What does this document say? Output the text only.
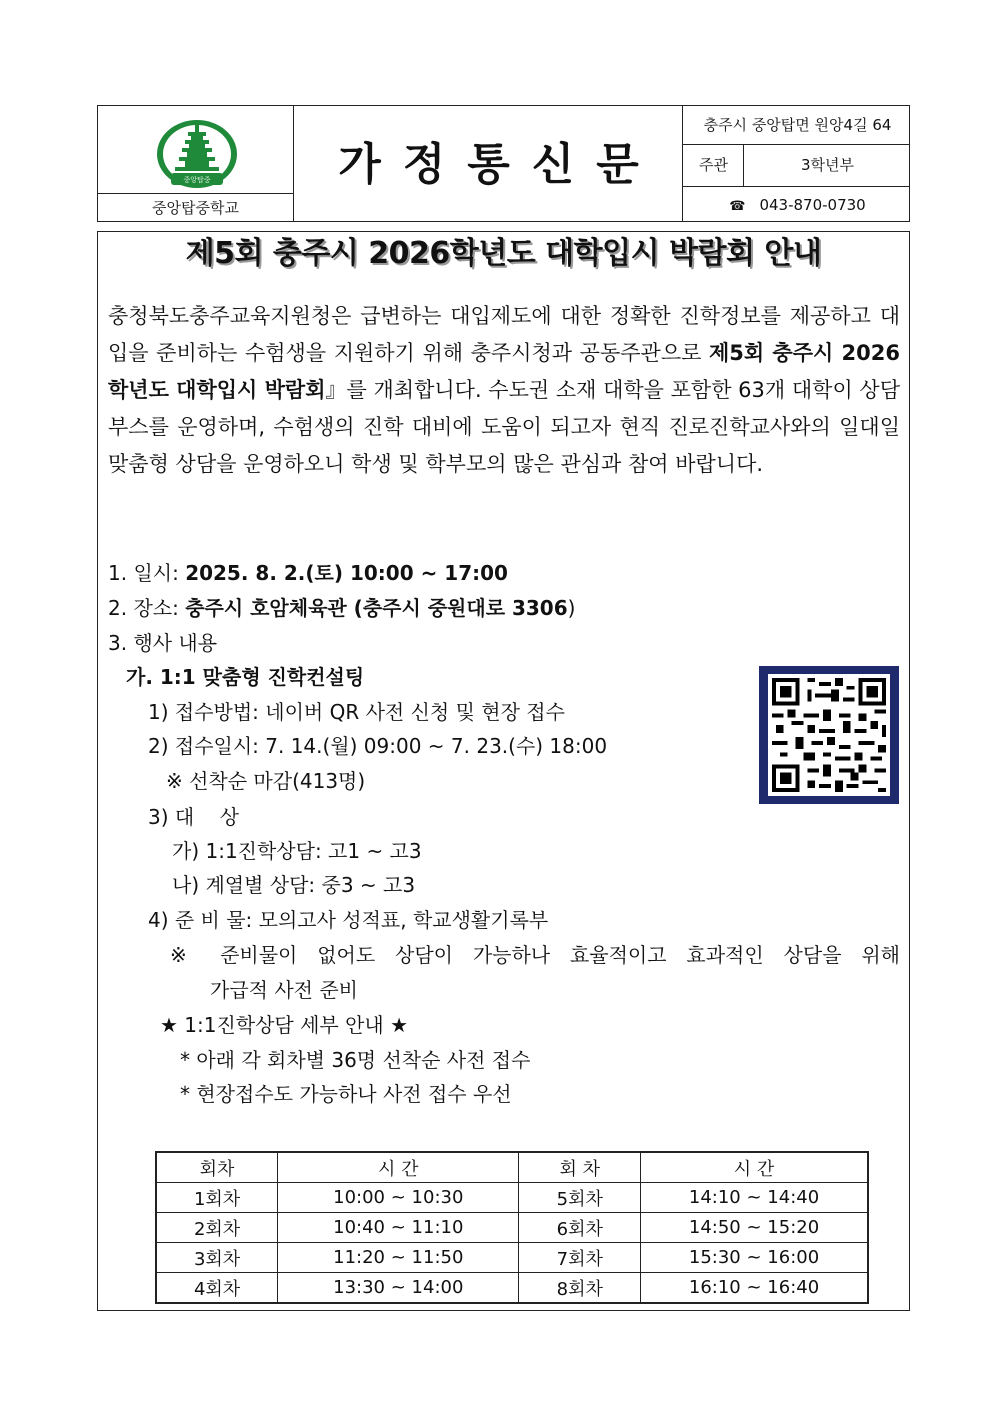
중앙탑중
중앙탑중학교
가정통신문
충주시 중앙탑면 원앙4길 64
주관	3학년부
☎ 043-870-0730
제5회 충주시 2026학년도 대학입시 박람회 안내
충청북도충주교육지원청은 급변하는 대입제도에 대한 정확한 진학정보를 제공하고 대입을 준비하는 수험생을 지원하기 위해 충주시청과 공동주관으로 제5회 충주시 2026학년도 대학입시 박람회』를 개최합니다. 수도권 소재 대학을 포함한 63개 대학이 상담부스를 운영하며, 수험생의 진학 대비에 도움이 되고자 현직 진로진학교사와의 일대일 맞춤형 상담을 운영하오니 학생 및 학부모의 많은 관심과 참여 바랍니다.
1. 일시: 2025. 8. 2.(토) 10:00 ~ 17:00
2. 장소: 충주시 호암체육관 (충주시 중원대로 3306)
3. 행사 내용
가. 1:1 맞춤형 진학컨설팅
1) 접수방법: 네이버 QR 사전 신청 및 현장 접수
2) 접수일시: 7. 14.(월) 09:00 ~ 7. 23.(수) 18:00
※ 선착순 마감(413명)
3) 대    상
가) 1:1진학상담: 고1 ~ 고3
나) 계열별 상담: 중3 ~ 고3
4) 준 비 물: 모의고사 성적표, 학교생활기록부
※ 준비물이 없어도 상담이 가능하나 효율적이고 효과적인 상담을 위해
가급적 사전 준비
★ 1:1진학상담 세부 안내 ★
* 아래 각 회차별 36명 선착순 사전 접수
* 현장접수도 가능하나 사전 접수 우선
회차	시 간	회 차	시 간
1회차	10:00 ~ 10:30	5회차	14:10 ~ 14:40
2회차	10:40 ~ 11:10	6회차	14:50 ~ 15:20
3회차	11:20 ~ 11:50	7회차	15:30 ~ 16:00
4회차	13:30 ~ 14:00	8회차	16:10 ~ 16:40
